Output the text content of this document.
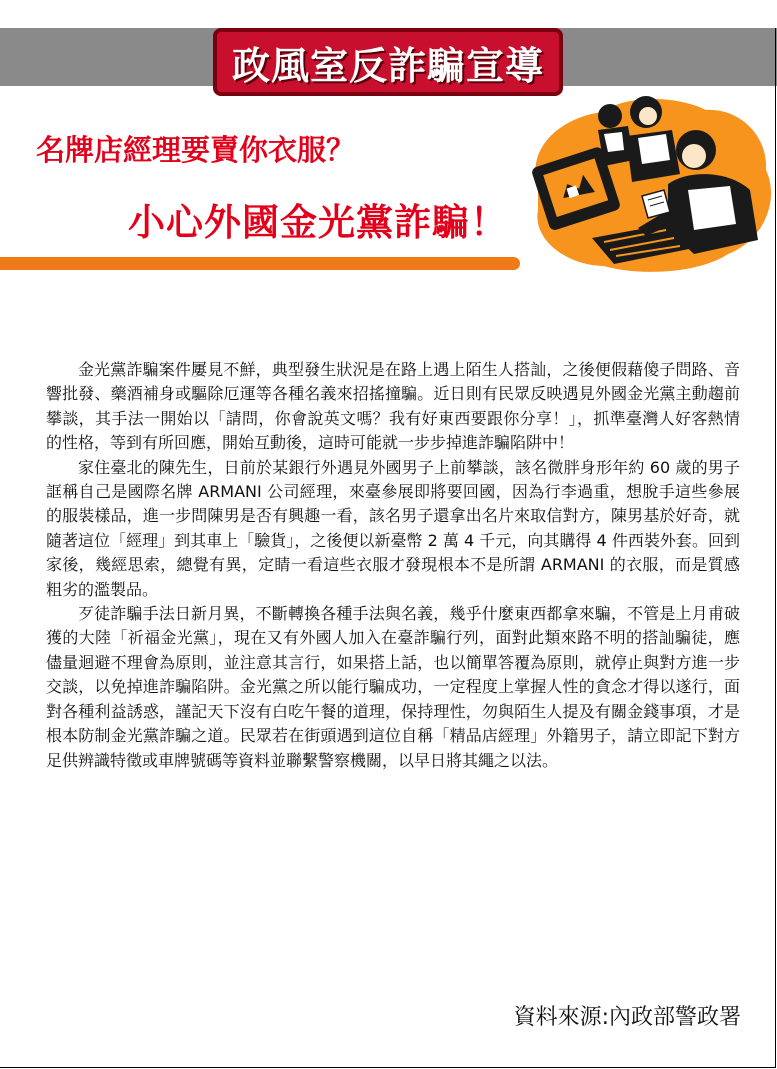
政風室反詐騙宣導
名牌店經理要賣你衣服？
小心外國金光黨詐騙！

金光黨詐騙案件屢見不鮮，典型發生狀況是在路上遇上陌生人搭訕，之後便假藉傻子問路、音響批發、藥酒補身或驅除厄運等各種名義來招搖撞騙。近日則有民眾反映遇見外國金光黨主動趨前攀談，其手法一開始以「請問，你會說英文嗎？我有好東西要跟你分享！」，抓準臺灣人好客熱情的性格，等到有所回應，開始互動後，這時可能就一步步掉進詐騙陷阱中！

家住臺北的陳先生，日前於某銀行外遇見外國男子上前攀談，該名微胖身形年約 60 歲的男子誆稱自己是國際名牌 ARMANI 公司經理，來臺參展即將要回國，因為行李過重，想脫手這些參展的服裝樣品，進一步問陳男是否有興趣一看，該名男子還拿出名片來取信對方，陳男基於好奇，就隨著這位「經理」到其車上「驗貨」，之後便以新臺幣 2 萬 4 千元，向其購得 4 件西裝外套。回到家後，幾經思索，總覺有異，定睛一看這些衣服才發現根本不是所謂 ARMANI 的衣服，而是質感粗劣的濫製品。

歹徒詐騙手法日新月異，不斷轉換各種手法與名義，幾乎什麼東西都拿來騙，不管是上月甫破獲的大陸「祈福金光黨」，現在又有外國人加入在臺詐騙行列，面對此類來路不明的搭訕騙徒，應儘量迴避不理會為原則，並注意其言行，如果搭上話，也以簡單答覆為原則，就停止與對方進一步交談，以免掉進詐騙陷阱。金光黨之所以能行騙成功，一定程度上掌握人性的貪念才得以遂行，面對各種利益誘惑，謹記天下沒有白吃午餐的道理，保持理性，勿與陌生人提及有關金錢事項，才是根本防制金光黨詐騙之道。民眾若在街頭遇到這位自稱「精品店經理」外籍男子，請立即記下對方足供辨識特徵或車牌號碼等資料並聯繫警察機關，以早日將其繩之以法。

資料來源:內政部警政署
